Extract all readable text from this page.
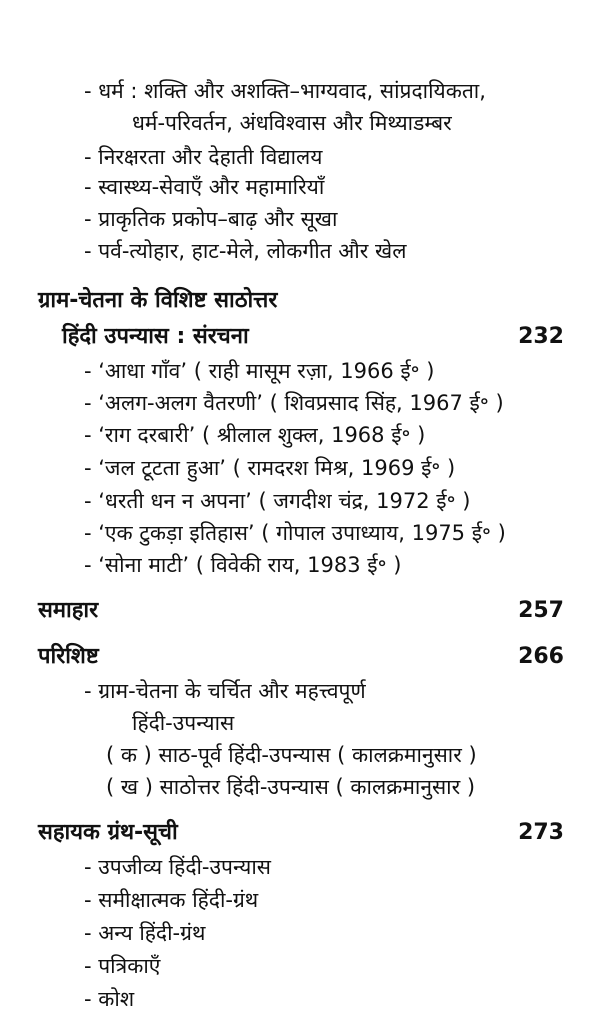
- धर्म : शक्ति और अशक्ति–भाग्यवाद, सांप्रदायिकता,
धर्म-परिवर्तन, अंधविश्वास और मिथ्याडम्बर
- निरक्षरता और देहाती विद्यालय
- स्वास्थ्य-सेवाएँ और महामारियाँ
- प्राकृतिक प्रकोप–बाढ़ और सूखा
- पर्व-त्योहार, हाट-मेले, लोकगीत और खेल
ग्राम-चेतना के विशिष्ट साठोत्तर
हिंदी उपन्यास : संरचना	232
- ‘आधा गाँव’ ( राही मासूम रज़ा, 1966 ई॰ )
- ‘अलग-अलग वैतरणी’ ( शिवप्रसाद सिंह, 1967 ई॰ )
- ‘राग दरबारी’ ( श्रीलाल शुक्ल, 1968 ई॰ )
- ‘जल टूटता हुआ’ ( रामदरश मिश्र, 1969 ई॰ )
- ‘धरती धन न अपना’ ( जगदीश चंद्र, 1972 ई॰ )
- ‘एक टुकड़ा इतिहास’ ( गोपाल उपाध्याय, 1975 ई॰ )
- ‘सोना माटी’ ( विवेकी राय, 1983 ई॰ )
समाहार	257
परिशिष्ट	266
- ग्राम-चेतना के चर्चित और महत्त्वपूर्ण
हिंदी-उपन्यास
( क ) साठ-पूर्व हिंदी-उपन्यास ( कालक्रमानुसार )
( ख ) साठोत्तर हिंदी-उपन्यास ( कालक्रमानुसार )
सहायक ग्रंथ-सूची	273
- उपजीव्य हिंदी-उपन्यास
- समीक्षात्मक हिंदी-ग्रंथ
- अन्य हिंदी-ग्रंथ
- पत्रिकाएँ
- कोश
